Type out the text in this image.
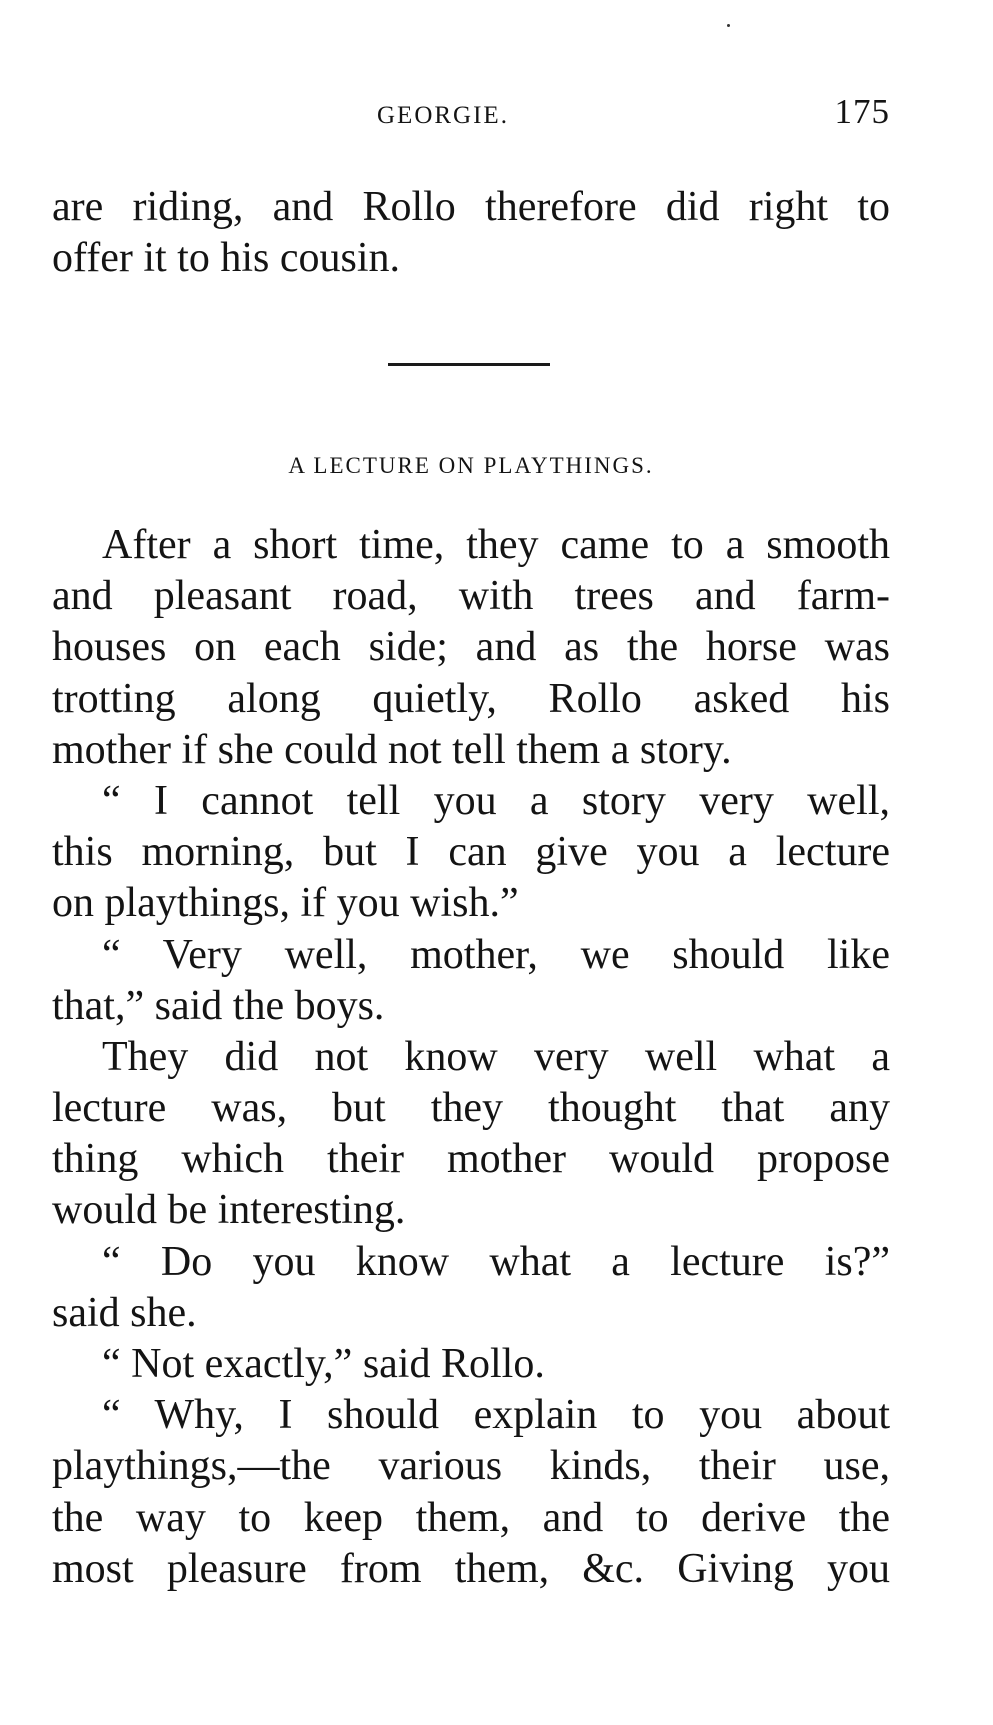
GEORGIE.	175
are riding, and Rollo therefore did right to
offer it to his cousin.
A LECTURE ON PLAYTHINGS.
After a short time, they came to a smooth
and pleasant road, with trees and farm-
houses on each side; and as the horse was
trotting along quietly, Rollo asked his
mother if she could not tell them a story.
“ I cannot tell you a story very well,
this morning, but I can give you a lecture
on playthings, if you wish.”
“ Very well, mother, we should like
that,” said the boys.
They did not know very well what a
lecture was, but they thought that any
thing which their mother would propose
would be interesting.
“ Do you know what a lecture is?”
said she.
“ Not exactly,” said Rollo.
“ Why, I should explain to you about
playthings,—the various kinds, their use,
the way to keep them, and to derive the
most pleasure from them, &c. Giving you
